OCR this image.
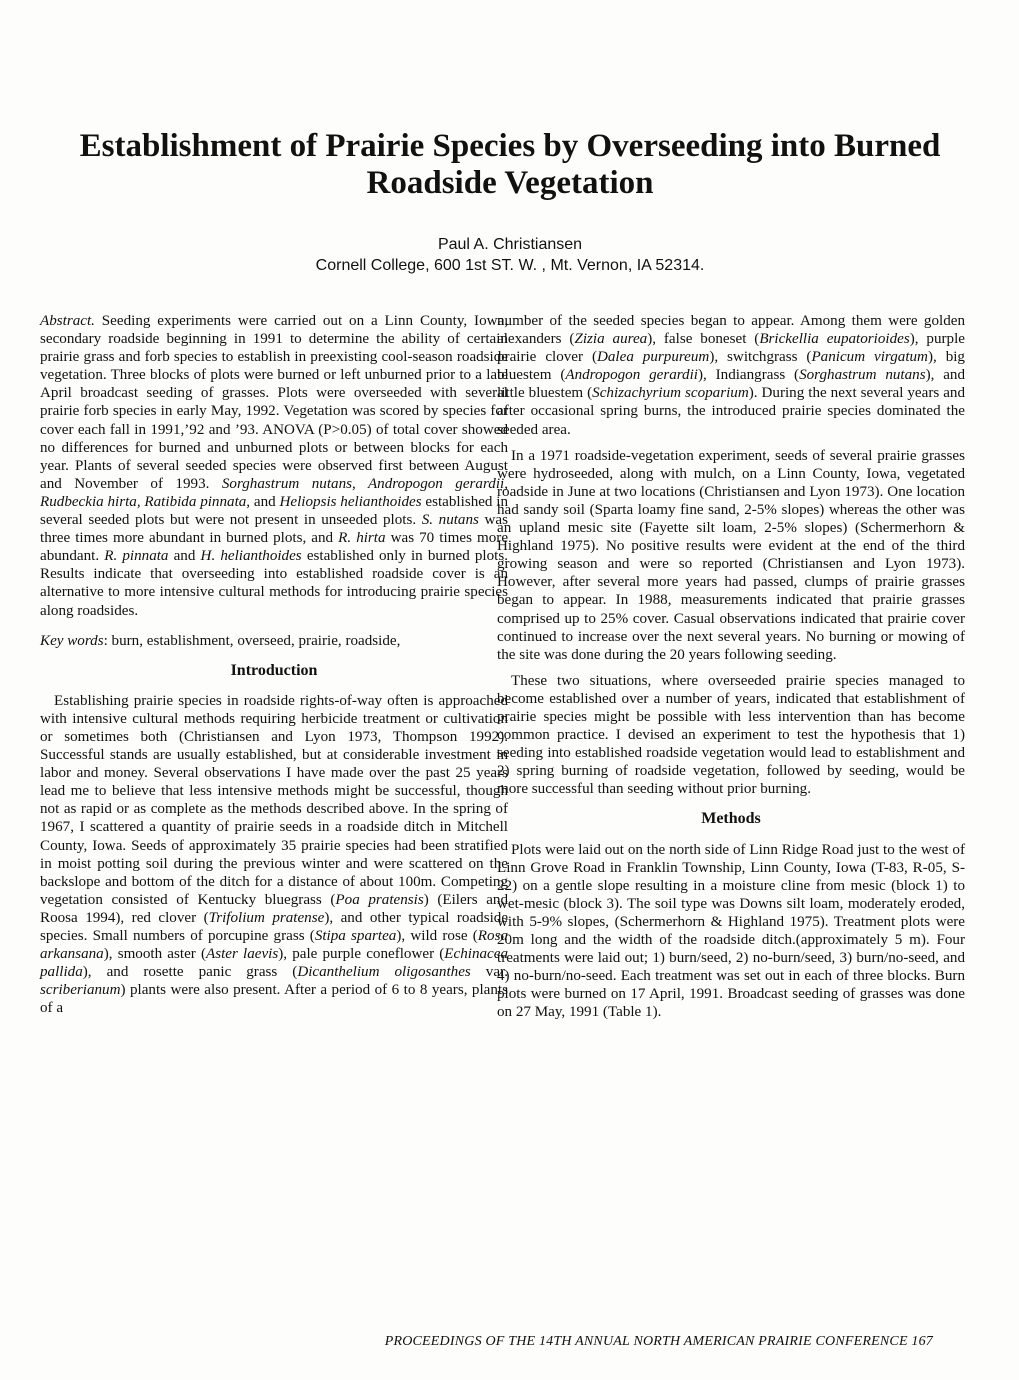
Establishment of Prairie Species by Overseeding into Burned Roadside Vegetation
Paul A. Christiansen
Cornell College, 600 1st ST. W. , Mt. Vernon, IA 52314.

Abstract. Seeding experiments were carried out on a Linn County, Iowa, secondary roadside beginning in 1991 to determine the ability of certain prairie grass and forb species to establish in preexisting cool-season roadside vegetation. Three blocks of plots were burned or left unburned prior to a late April broadcast seeding of grasses. Plots were overseeded with several prairie forb species in early May, 1992. Vegetation was scored by species for cover each fall in 1991,’92 and ’93. ANOVA (P>0.05) of total cover showed no differences for burned and unburned plots or between blocks for each year. Plants of several seeded species were observed first between August and November of 1993. Sorghastrum nutans, Andropogon gerardii, Rudbeckia hirta, Ratibida pinnata, and Heliopsis helianthoides established in several seeded plots but were not present in unseeded plots. S. nutans was three times more abundant in burned plots, and R. hirta was 70 times more abundant. R. pinnata and H. helianthoides established only in burned plots. Results indicate that overseeding into established roadside cover is an alternative to more intensive cultural methods for introducing prairie species along roadsides.

Key words: burn, establishment, overseed, prairie, roadside,

Introduction

Establishing prairie species in roadside rights-of-way often is approached with intensive cultural methods requiring herbicide treatment or cultivation or sometimes both (Christiansen and Lyon 1973, Thompson 1992). Successful stands are usually established, but at considerable investment in labor and money. Several observations I have made over the past 25 years lead me to believe that less intensive methods might be successful, though not as rapid or as complete as the methods described above. In the spring of 1967, I scattered a quantity of prairie seeds in a roadside ditch in Mitchell County, Iowa. Seeds of approximately 35 prairie species had been stratified in moist potting soil during the previous winter and were scattered on the backslope and bottom of the ditch for a distance of about 100m. Competing vegetation consisted of Kentucky bluegrass (Poa pratensis) (Eilers and Roosa 1994), red clover (Trifolium pratense), and other typical roadside species. Small numbers of porcupine grass (Stipa spartea), wild rose (Rosa arkansana), smooth aster (Aster laevis), pale purple coneflower (Echinacea pallida), and rosette panic grass (Dicanthelium oligosanthes var. scriberianum) plants were also present. After a period of 6 to 8 years, plants of a

number of the seeded species began to appear. Among them were golden alexanders (Zizia aurea), false boneset (Brickellia eupatorioides), purple prairie clover (Dalea purpureum), switchgrass (Panicum virgatum), big bluestem (Andropogon gerardii), Indiangrass (Sorghastrum nutans), and little bluestem (Schizachyrium scoparium). During the next several years and after occasional spring burns, the introduced prairie species dominated the seeded area.

In a 1971 roadside-vegetation experiment, seeds of several prairie grasses were hydroseeded, along with mulch, on a Linn County, Iowa, vegetated roadside in June at two locations (Christiansen and Lyon 1973). One location had sandy soil (Sparta loamy fine sand, 2-5% slopes) whereas the other was an upland mesic site (Fayette silt loam, 2-5% slopes) (Schermerhorn & Highland 1975). No positive results were evident at the end of the third growing season and were so reported (Christiansen and Lyon 1973). However, after several more years had passed, clumps of prairie grasses began to appear. In 1988, measurements indicated that prairie grasses comprised up to 25% cover. Casual observations indicated that prairie cover continued to increase over the next several years. No burning or mowing of the site was done during the 20 years following seeding.

These two situations, where overseeded prairie species managed to become established over a number of years, indicated that establishment of prairie species might be possible with less intervention than has become common practice. I devised an experiment to test the hypothesis that 1) seeding into established roadside vegetation would lead to establishment and 2) spring burning of roadside vegetation, followed by seeding, would be more successful than seeding without prior burning.

Methods

Plots were laid out on the north side of Linn Ridge Road just to the west of Linn Grove Road in Franklin Township, Linn County, Iowa (T-83, R-05, S-22) on a gentle slope resulting in a moisture cline from mesic (block 1) to wet-mesic (block 3). The soil type was Downs silt loam, moderately eroded, with 5-9% slopes, (Schermerhorn & Highland 1975). Treatment plots were 20m long and the width of the roadside ditch.(approximately 5 m). Four treatments were laid out; 1) burn/seed, 2) no-burn/seed, 3) burn/no-seed, and 4) no-burn/no-seed. Each treatment was set out in each of three blocks. Burn plots were burned on 17 April, 1991. Broadcast seeding of grasses was done on 27 May, 1991 (Table 1).

PROCEEDINGS OF THE 14TH ANNUAL NORTH AMERICAN PRAIRIE CONFERENCE 167
